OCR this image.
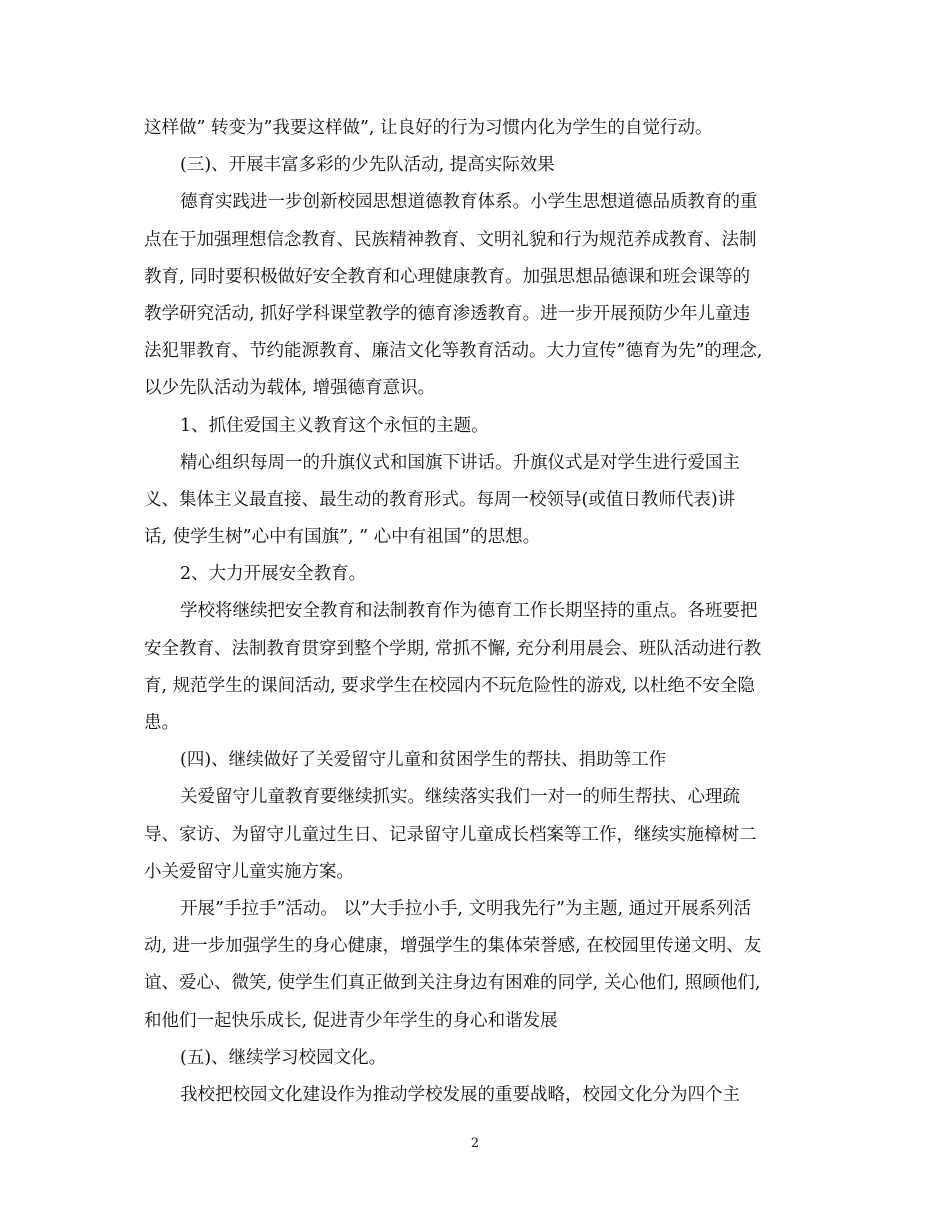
这样做” 转变为”我要这样做”, 让良好的行为习惯内化为学生的自觉行动。
(三)、开展丰富多彩的少先队活动, 提高实际效果
德育实践进一步创新校园思想道德教育体系。小学生思想道德品质教育的重
点在于加强理想信念教育、民族精神教育、文明礼貌和行为规范养成教育、法制
教育, 同时要积极做好安全教育和心理健康教育。加强思想品德课和班会课等的
教学研究活动, 抓好学科课堂教学的德育渗透教育。进一步开展预防少年儿童违
法犯罪教育、节约能源教育、廉洁文化等教育活动。大力宣传”德育为先”的理念,
以少先队活动为载体, 增强德育意识。
1、抓住爱国主义教育这个永恒的主题。
精心组织每周一的升旗仪式和国旗下讲话。升旗仪式是对学生进行爱国主
义、集体主义最直接、最生动的教育形式。每周一校领导(或值日教师代表)讲
话, 使学生树”心中有国旗”, ” 心中有祖国”的思想。
2、大力开展安全教育。
学校将继续把安全教育和法制教育作为德育工作长期坚持的重点。各班要把
安全教育、法制教育贯穿到整个学期, 常抓不懈, 充分利用晨会、班队活动进行教
育, 规范学生的课间活动, 要求学生在校园内不玩危险性的游戏, 以杜绝不安全隐
患。
(四)、继续做好了关爱留守儿童和贫困学生的帮扶、捐助等工作
关爱留守儿童教育要继续抓实。继续落实我们一对一的师生帮扶、心理疏
导、家访、为留守儿童过生日、记录留守儿童成长档案等工作，继续实施樟树二
小关爱留守儿童实施方案。
开展”手拉手”活动。 以”大手拉小手, 文明我先行”为主题, 通过开展系列活
动, 进一步加强学生的身心健康，增强学生的集体荣誉感, 在校园里传递文明、友
谊、爱心、微笑, 使学生们真正做到关注身边有困难的同学, 关心他们, 照顾他们,
和他们一起快乐成长, 促进青少年学生的身心和谐发展
(五)、继续学习校园文化。
我校把校园文化建设作为推动学校发展的重要战略，校园文化分为四个主
2
